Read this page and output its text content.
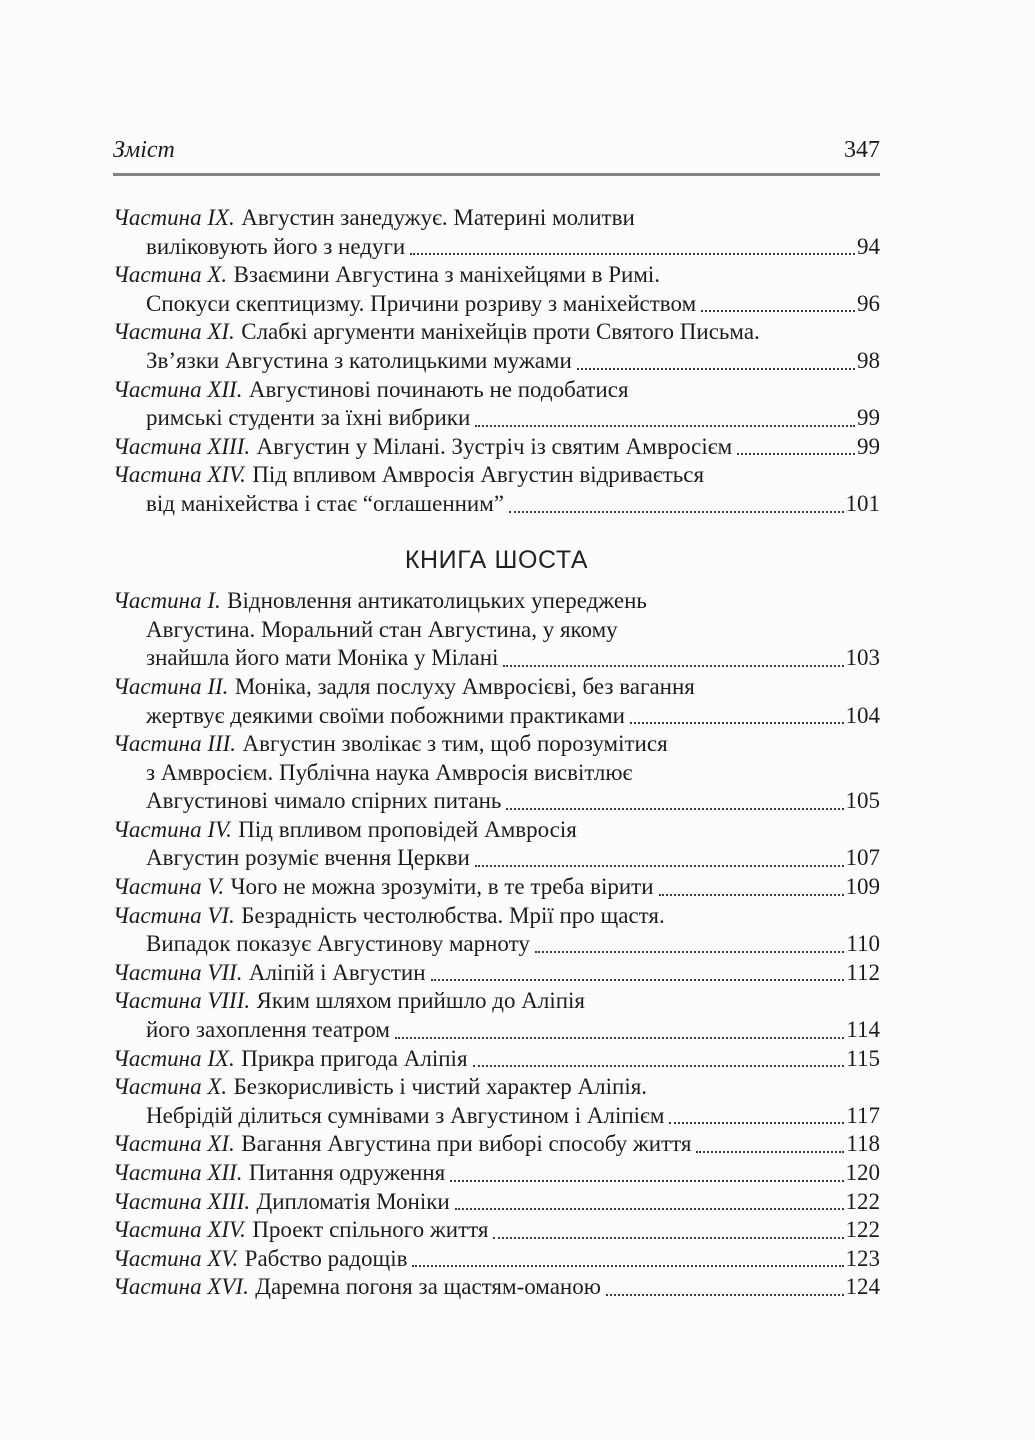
Зміст	347
Частина IX. Августин занедужує. Материні молитви
виліковують його з недуги	94
Частина X. Взаємини Августина з маніхейцями в Римі.
Спокуси скептицизму. Причини розриву з маніхейством	96
Частина XI. Слабкі аргументи маніхейців проти Святого Письма.
Зв’язки Августина з католицькими мужами	98
Частина XII. Августинові починають не подобатися
римські студенти за їхні вибрики	99
Частина XIII. Августин у Мілані. Зустріч із святим Амвросієм	99
Частина XIV. Під впливом Амвросія Августин відривається
від маніхейства і стає “оглашенним”	101
КНИГА ШОСТА
Частина I. Відновлення антикатолицьких упереджень
Августина. Моральний стан Августина, у якому
знайшла його мати Моніка у Мілані	103
Частина II. Моніка, задля послуху Амвросієві, без вагання
жертвує деякими своїми побожними практиками	104
Частина III. Августин зволікає з тим, щоб порозумітися
з Амвросієм. Публічна наука Амвросія висвітлює
Августинові чимало спірних питань	105
Частина IV. Під впливом проповідей Амвросія
Августин розуміє вчення Церкви	107
Частина V. Чого не можна зрозуміти, в те треба вірити	109
Частина VI. Безрадність честолюбства. Мрії про щастя.
Випадок показує Августинову марноту	110
Частина VII. Аліпій і Августин	112
Частина VIII. Яким шляхом прийшло до Аліпія
його захоплення театром	114
Частина IX. Прикра пригода Аліпія	115
Частина X. Безкорисливість і чистий характер Аліпія.
Небрідій ділиться сумнівами з Августином і Аліпієм	117
Частина XI. Вагання Августина при виборі способу життя	118
Частина XII. Питання одруження	120
Частина XIII. Дипломатія Моніки	122
Частина XIV. Проект спільного життя	122
Частина XV. Рабство радощів	123
Частина XVI. Даремна погоня за щастям-оманою	124
